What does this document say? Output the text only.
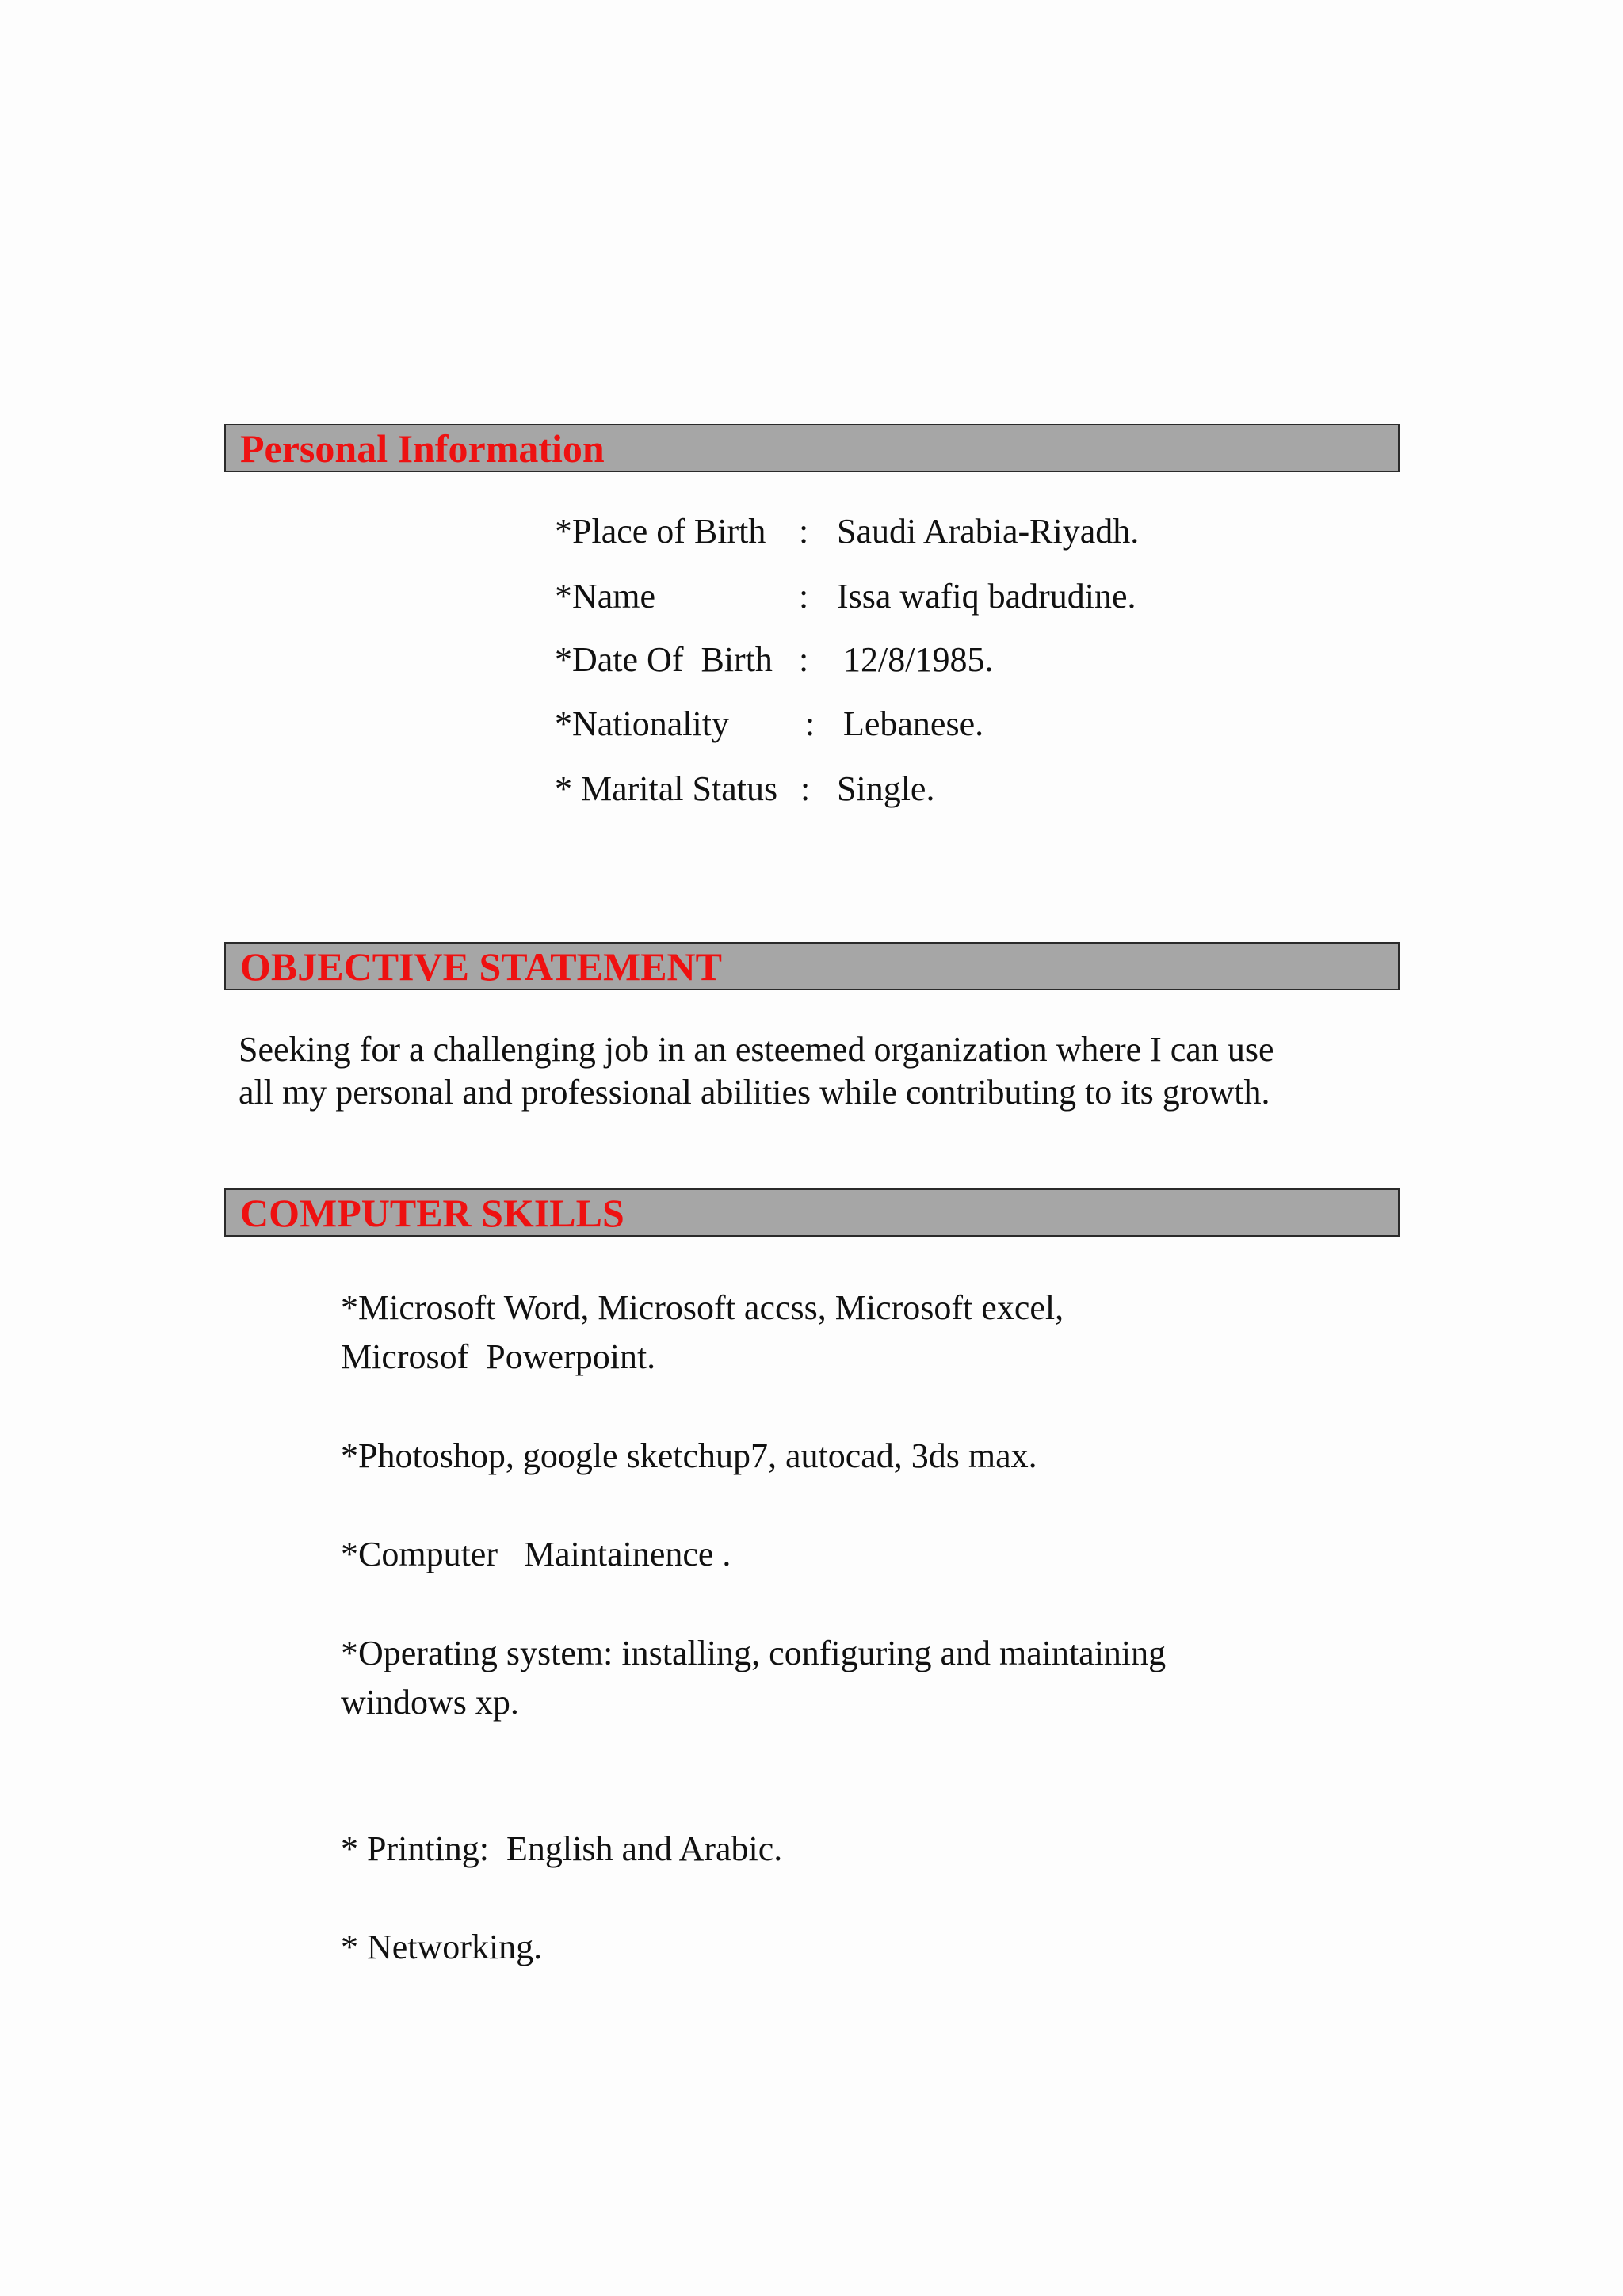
Personal Information
*Place of Birth : Saudi Arabia-Riyadh.
*Name	: Issa wafiq badrudine.
*Date Of  Birth : 12/8/1985.
*Nationality : Lebanese.
* Marital Status : Single.
OBJECTIVE STATEMENT
Seeking for a challenging job in an esteemed organization where I can use
all my personal and professional abilities while contributing to its growth.
COMPUTER SKILLS
*Microsoft Word, Microsoft accss, Microsoft excel,
Microsof  Powerpoint.
*Photoshop, google sketchup7, autocad, 3ds max.
*Computer   Maintainence .
*Operating system: installing, configuring and maintaining
windows xp.
* Printing:  English and Arabic.
* Networking.
